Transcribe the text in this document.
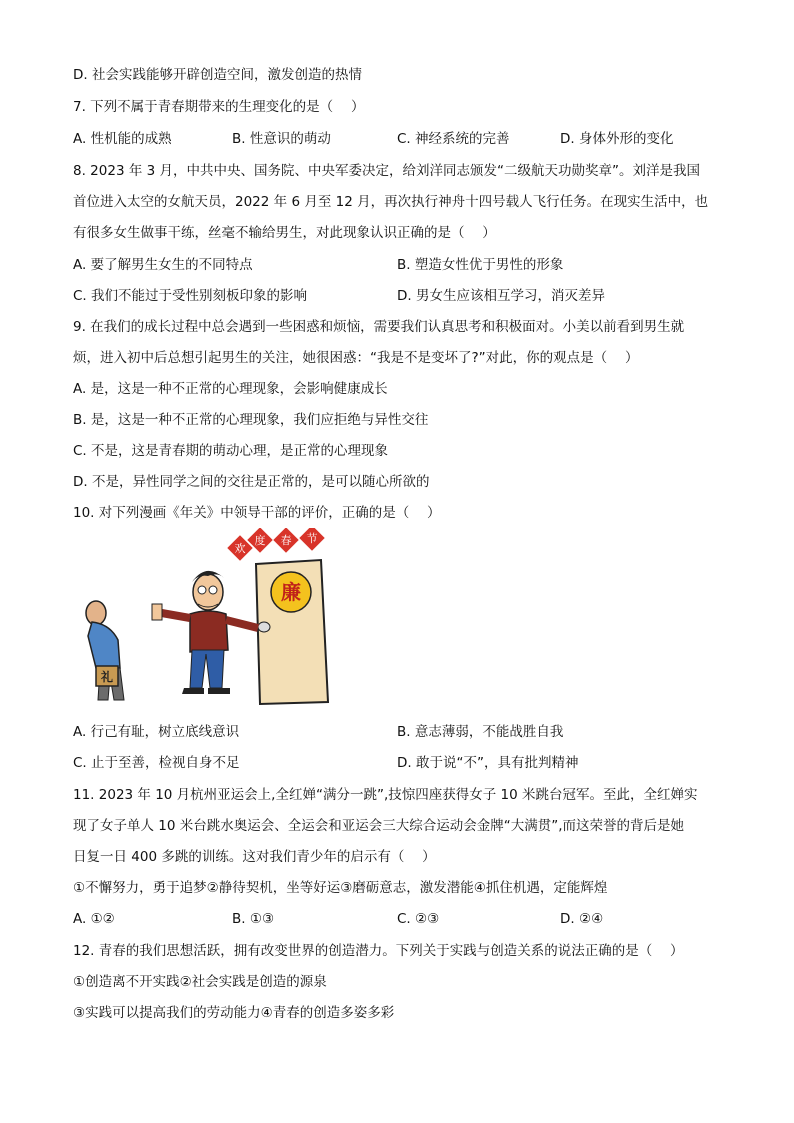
D. 社会实践能够开辟创造空间，激发创造的热情
7. 下列不属于青春期带来的生理变化的是（　 ）
A. 性机能的成熟	B. 性意识的萌动	C. 神经系统的完善	D. 身体外形的变化
8. 2023 年 3 月，中共中央、国务院、中央军委决定，给刘洋同志颁发“二级航天功勋奖章”。刘洋是我国
首位进入太空的女航天员，2022 年 6 月至 12 月，再次执行神舟十四号载人飞行任务。在现实生活中，也
有很多女生做事干练，丝毫不输给男生，对此现象认识正确的是（　 ）
A. 要了解男生女生的不同特点	B. 塑造女性优于男性的形象
C. 我们不能过于受性别刻板印象的影响	D. 男女生应该相互学习，消灭差异
9. 在我们的成长过程中总会遇到一些困惑和烦恼，需要我们认真思考和积极面对。小美以前看到男生就
烦，进入初中后总想引起男生的关注，她很困惑：“我是不是变坏了?”对此，你的观点是（　 ）
A. 是，这是一种不正常的心理现象，会影响健康成长
B. 是，这是一种不正常的心理现象，我们应拒绝与异性交往
C. 不是，这是青春期的萌动心理，是正常的心理现象
D. 不是，异性同学之间的交往是正常的，是可以随心所欲的
10. 对下列漫画《年关》中领导干部的评价，正确的是（　 ）
欢
度 春 节
廉
礼
A. 行己有耻，树立底线意识	B. 意志薄弱，不能战胜自我
C. 止于至善，检视自身不足	D. 敢于说“不”，具有批判精神
11. 2023 年 10 月杭州亚运会上,全红婵“满分一跳”,技惊四座获得女子 10 米跳台冠军。至此，全红婵实
现了女子单人 10 米台跳水奥运会、全运会和亚运会三大综合运动会金牌“大满贯”,而这荣誉的背后是她
日复一日 400 多跳的训练。这对我们青少年的启示有（　 ）
①不懈努力，勇于追梦②静待契机，坐等好运③磨砺意志，激发潜能④抓住机遇，定能辉煌
A. ①②	B. ①③	C. ②③	D. ②④
12. 青春的我们思想活跃，拥有改变世界的创造潜力。下列关于实践与创造关系的说法正确的是（　 ）
①创造离不开实践②社会实践是创造的源泉
③实践可以提高我们的劳动能力④青春的创造多姿多彩
